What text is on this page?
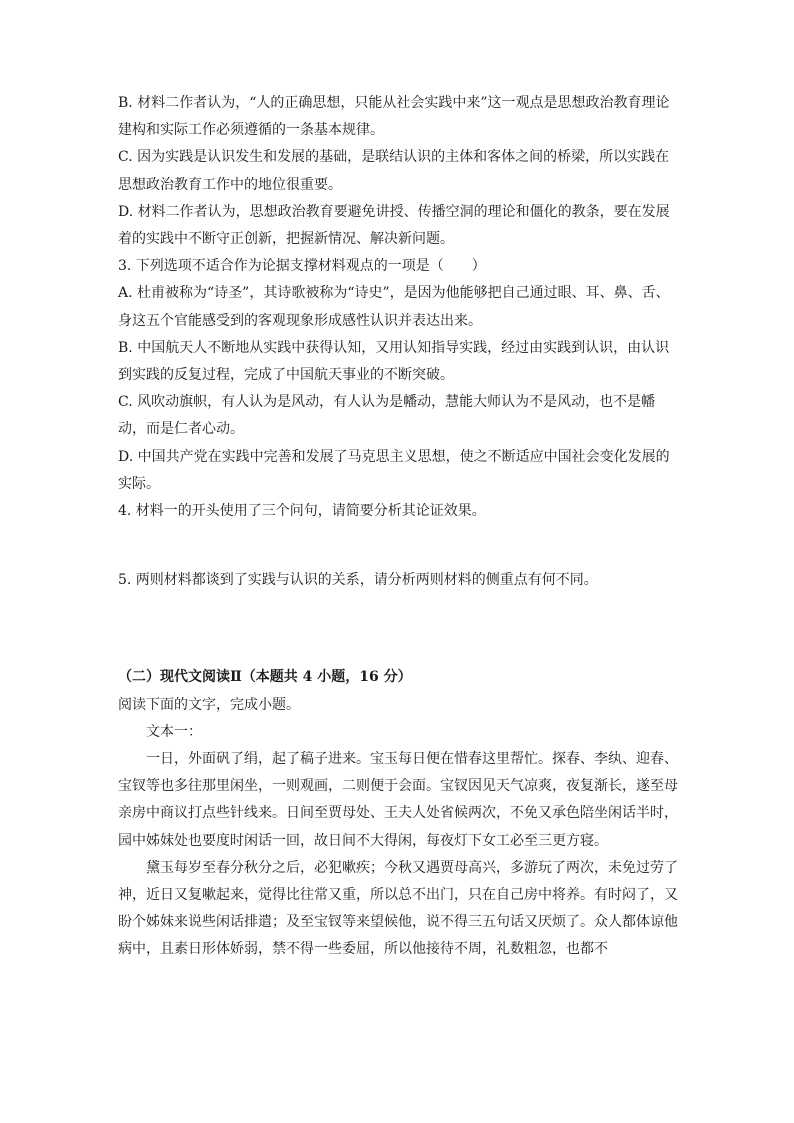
B. 材料二作者认为，“人的正确思想，只能从社会实践中来”这一观点是思想政治教育理论建构和实际工作必须遵循的一条基本规律。

C. 因为实践是认识发生和发展的基础，是联结认识的主体和客体之间的桥梁，所以实践在思想政治教育工作中的地位很重要。

D. 材料二作者认为，思想政治教育要避免讲授、传播空洞的理论和僵化的教条，要在发展着的实践中不断守正创新，把握新情况、解决新问题。

3. 下列选项不适合作为论据支撑材料观点的一项是（　　）

A. 杜甫被称为“诗圣”，其诗歌被称为“诗史”，是因为他能够把自己通过眼、耳、鼻、舌、身这五个官能感受到的客观现象形成感性认识并表达出来。

B. 中国航天人不断地从实践中获得认知，又用认知指导实践，经过由实践到认识，由认识到实践的反复过程，完成了中国航天事业的不断突破。

C. 风吹动旗帜，有人认为是风动，有人认为是幡动，慧能大师认为不是风动，也不是幡动，而是仁者心动。

D. 中国共产党在实践中完善和发展了马克思主义思想，使之不断适应中国社会变化发展的实际。

4. 材料一的开头使用了三个问句，请简要分析其论证效果。

5. 两则材料都谈到了实践与认识的关系，请分析两则材料的侧重点有何不同。

（二）现代文阅读Ⅱ（本题共 4 小题，16 分）

阅读下面的文字，完成小题。

文本一：

一日，外面矾了绢，起了稿子进来。宝玉每日便在惜春这里帮忙。探春、李纨、迎春、宝钗等也多往那里闲坐，一则观画，二则便于会面。宝钗因见天气凉爽，夜复渐长，遂至母亲房中商议打点些针线来。日间至贾母处、王夫人处省候两次，不免又承色陪坐闲话半时，园中姊妹处也要度时闲话一回，故日间不大得闲，每夜灯下女工必至三更方寝。

黛玉每岁至春分秋分之后，必犯嗽疾；今秋又遇贾母高兴，多游玩了两次，未免过劳了神，近日又复嗽起来，觉得比往常又重，所以总不出门，只在自己房中将养。有时闷了，又盼个姊妹来说些闲话排遣；及至宝钗等来望候他，说不得三五句话又厌烦了。众人都体谅他病中，且素日形体娇弱，禁不得一些委屈，所以他接待不周，礼数粗忽，也都不
